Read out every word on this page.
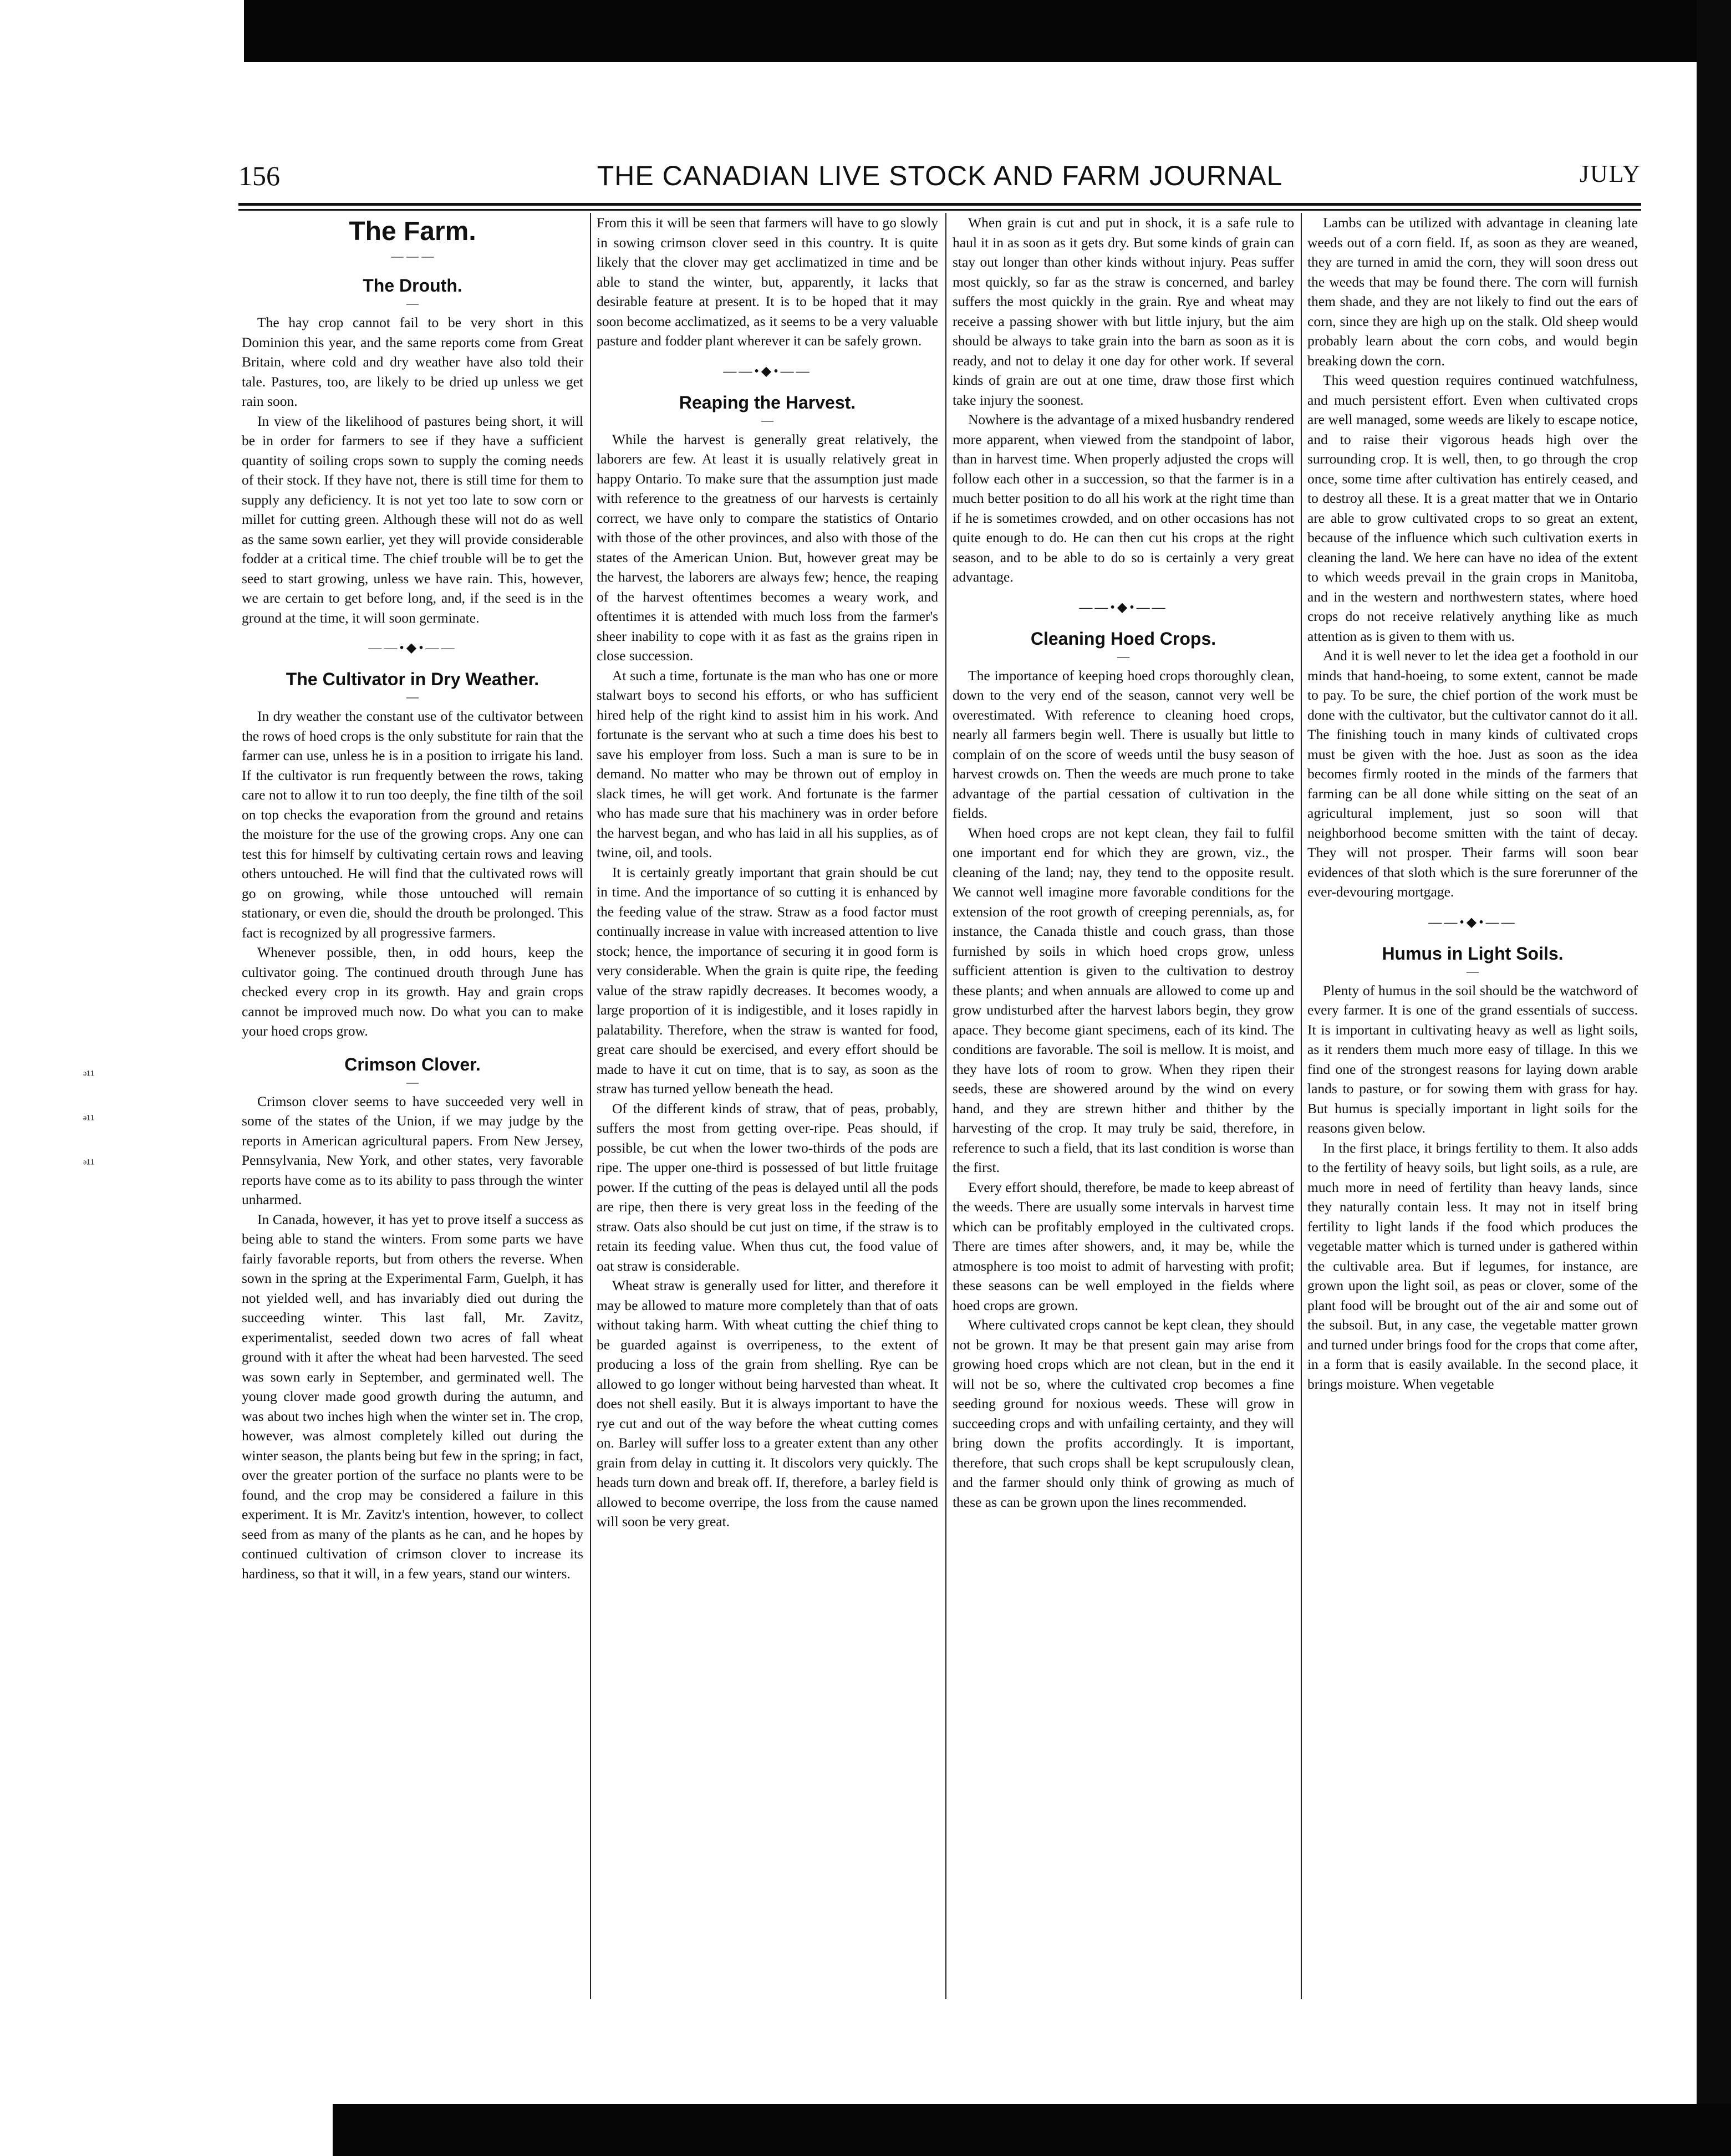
156	THE CANADIAN LIVE STOCK AND FARM JOURNAL	JULY
ᵊ¹¹
ᵊ¹¹
ᵊ¹¹
The Farm.
— — —
The Drouth.
—

The hay crop cannot fail to be very short in this Dominion this year, and the same reports come from Great Britain, where cold and dry weather have also told their tale. Pastures, too, are likely to be dried up unless we get rain soon.

In view of the likelihood of pastures being short, it will be in order for farmers to see if they have a sufficient quantity of soiling crops sown to supply the coming needs of their stock. If they have not, there is still time for them to supply any deficiency. It is not yet too late to sow corn or millet for cutting green. Although these will not do as well as the same sown earlier, yet they will provide considerable fodder at a critical time. The chief trouble will be to get the seed to start growing, unless we have rain. This, however, we are certain to get before long, and, if the seed is in the ground at the time, it will soon germinate.

——•◆•——
The Cultivator in Dry Weather.
—

In dry weather the constant use of the cultivator between the rows of hoed crops is the only substitute for rain that the farmer can use, unless he is in a position to irrigate his land. If the cultivator is run frequently between the rows, taking care not to allow it to run too deeply, the fine tilth of the soil on top checks the evaporation from the ground and retains the moisture for the use of the growing crops. Any one can test this for himself by cultivating certain rows and leaving others untouched. He will find that the cultivated rows will go on growing, while those untouched will remain stationary, or even die, should the drouth be prolonged. This fact is recognized by all progressive farmers.

Whenever possible, then, in odd hours, keep the cultivator going. The continued drouth through June has checked every crop in its growth. Hay and grain crops cannot be improved much now. Do what you can to make your hoed crops grow.

Crimson Clover.
—

Crimson clover seems to have succeeded very well in some of the states of the Union, if we may judge by the reports in American agricultural papers. From New Jersey, Pennsylvania, New York, and other states, very favorable reports have come as to its ability to pass through the winter unharmed.

In Canada, however, it has yet to prove itself a success as being able to stand the winters. From some parts we have fairly favorable reports, but from others the reverse. When sown in the spring at the Experimental Farm, Guelph, it has not yielded well, and has invariably died out during the succeeding winter. This last fall, Mr. Zavitz, experimentalist, seeded down two acres of fall wheat ground with it after the wheat had been harvested. The seed was sown early in September, and germinated well. The young clover made good growth during the autumn, and was about two inches high when the winter set in. The crop, however, was almost completely killed out during the winter season, the plants being but few in the spring; in fact, over the greater portion of the surface no plants were to be found, and the crop may be considered a failure in this experiment. It is Mr. Zavitz's intention, however, to collect seed from as many of the plants as he can, and he hopes by continued cultivation of crimson clover to increase its hardiness, so that it will, in a few years, stand our winters.

From this it will be seen that farmers will have to go slowly in sowing crimson clover seed in this country. It is quite likely that the clover may get acclimatized in time and be able to stand the winter, but, apparently, it lacks that desirable feature at present. It is to be hoped that it may soon become acclimatized, as it seems to be a very valuable pasture and fodder plant wherever it can be safely grown.

——•◆•——
Reaping the Harvest.
—

While the harvest is generally great relatively, the laborers are few. At least it is usually relatively great in happy Ontario. To make sure that the assumption just made with reference to the greatness of our harvests is certainly correct, we have only to compare the statistics of Ontario with those of the other provinces, and also with those of the states of the American Union. But, however great may be the harvest, the laborers are always few; hence, the reaping of the harvest oftentimes becomes a weary work, and oftentimes it is attended with much loss from the farmer's sheer inability to cope with it as fast as the grains ripen in close succession.

At such a time, fortunate is the man who has one or more stalwart boys to second his efforts, or who has sufficient hired help of the right kind to assist him in his work. And fortunate is the servant who at such a time does his best to save his employer from loss. Such a man is sure to be in demand. No matter who may be thrown out of employ in slack times, he will get work. And fortunate is the farmer who has made sure that his machinery was in order before the harvest began, and who has laid in all his supplies, as of twine, oil, and tools.

It is certainly greatly important that grain should be cut in time. And the importance of so cutting it is enhanced by the feeding value of the straw. Straw as a food factor must continually increase in value with increased attention to live stock; hence, the importance of securing it in good form is very considerable. When the grain is quite ripe, the feeding value of the straw rapidly decreases. It becomes woody, a large proportion of it is indigestible, and it loses rapidly in palatability. Therefore, when the straw is wanted for food, great care should be exercised, and every effort should be made to have it cut on time, that is to say, as soon as the straw has turned yellow beneath the head.

Of the different kinds of straw, that of peas, probably, suffers the most from getting over-ripe. Peas should, if possible, be cut when the lower two-thirds of the pods are ripe. The upper one-third is possessed of but little fruitage power. If the cutting of the peas is delayed until all the pods are ripe, then there is very great loss in the feeding of the straw. Oats also should be cut just on time, if the straw is to retain its feeding value. When thus cut, the food value of oat straw is considerable.

Wheat straw is generally used for litter, and therefore it may be allowed to mature more completely than that of oats without taking harm. With wheat cutting the chief thing to be guarded against is overripeness, to the extent of producing a loss of the grain from shelling. Rye can be allowed to go longer without being harvested than wheat. It does not shell easily. But it is always important to have the rye cut and out of the way before the wheat cutting comes on. Barley will suffer loss to a greater extent than any other grain from delay in cutting it. It discolors very quickly. The heads turn down and break off. If, therefore, a barley field is allowed to become overripe, the loss from the cause named will soon be very great.

When grain is cut and put in shock, it is a safe rule to haul it in as soon as it gets dry. But some kinds of grain can stay out longer than other kinds without injury. Peas suffer most quickly, so far as the straw is concerned, and barley suffers the most quickly in the grain. Rye and wheat may receive a passing shower with but little injury, but the aim should be always to take grain into the barn as soon as it is ready, and not to delay it one day for other work. If several kinds of grain are out at one time, draw those first which take injury the soonest.

Nowhere is the advantage of a mixed husbandry rendered more apparent, when viewed from the standpoint of labor, than in harvest time. When properly adjusted the crops will follow each other in a succession, so that the farmer is in a much better position to do all his work at the right time than if he is sometimes crowded, and on other occasions has not quite enough to do. He can then cut his crops at the right season, and to be able to do so is certainly a very great advantage.

——•◆•——
Cleaning Hoed Crops.
—

The importance of keeping hoed crops thoroughly clean, down to the very end of the season, cannot very well be overestimated. With reference to cleaning hoed crops, nearly all farmers begin well. There is usually but little to complain of on the score of weeds until the busy season of harvest crowds on. Then the weeds are much prone to take advantage of the partial cessation of cultivation in the fields.

When hoed crops are not kept clean, they fail to fulfil one important end for which they are grown, viz., the cleaning of the land; nay, they tend to the opposite result. We cannot well imagine more favorable conditions for the extension of the root growth of creeping perennials, as, for instance, the Canada thistle and couch grass, than those furnished by soils in which hoed crops grow, unless sufficient attention is given to the cultivation to destroy these plants; and when annuals are allowed to come up and grow undisturbed after the harvest labors begin, they grow apace. They become giant specimens, each of its kind. The conditions are favorable. The soil is mellow. It is moist, and they have lots of room to grow. When they ripen their seeds, these are showered around by the wind on every hand, and they are strewn hither and thither by the harvesting of the crop. It may truly be said, therefore, in reference to such a field, that its last condition is worse than the first.

Every effort should, therefore, be made to keep abreast of the weeds. There are usually some intervals in harvest time which can be profitably employed in the cultivated crops. There are times after showers, and, it may be, while the atmosphere is too moist to admit of harvesting with profit; these seasons can be well employed in the fields where hoed crops are grown.

Where cultivated crops cannot be kept clean, they should not be grown. It may be that present gain may arise from growing hoed crops which are not clean, but in the end it will not be so, where the cultivated crop becomes a fine seeding ground for noxious weeds. These will grow in succeeding crops and with unfailing certainty, and they will bring down the profits accordingly. It is important, therefore, that such crops shall be kept scrupulously clean, and the farmer should only think of growing as much of these as can be grown upon the lines recommended.

Lambs can be utilized with advantage in cleaning late weeds out of a corn field. If, as soon as they are weaned, they are turned in amid the corn, they will soon dress out the weeds that may be found there. The corn will furnish them shade, and they are not likely to find out the ears of corn, since they are high up on the stalk. Old sheep would probably learn about the corn cobs, and would begin breaking down the corn.

This weed question requires continued watchfulness, and much persistent effort. Even when cultivated crops are well managed, some weeds are likely to escape notice, and to raise their vigorous heads high over the surrounding crop. It is well, then, to go through the crop once, some time after cultivation has entirely ceased, and to destroy all these. It is a great matter that we in Ontario are able to grow cultivated crops to so great an extent, because of the influence which such cultivation exerts in cleaning the land. We here can have no idea of the extent to which weeds prevail in the grain crops in Manitoba, and in the western and northwestern states, where hoed crops do not receive relatively anything like as much attention as is given to them with us.

And it is well never to let the idea get a foothold in our minds that hand-hoeing, to some extent, cannot be made to pay. To be sure, the chief portion of the work must be done with the cultivator, but the cultivator cannot do it all. The finishing touch in many kinds of cultivated crops must be given with the hoe. Just as soon as the idea becomes firmly rooted in the minds of the farmers that farming can be all done while sitting on the seat of an agricultural implement, just so soon will that neighborhood become smitten with the taint of decay. They will not prosper. Their farms will soon bear evidences of that sloth which is the sure forerunner of the ever-devouring mortgage.

——•◆•——
Humus in Light Soils.
—

Plenty of humus in the soil should be the watchword of every farmer. It is one of the grand essentials of success. It is important in cultivating heavy as well as light soils, as it renders them much more easy of tillage. In this we find one of the strongest reasons for laying down arable lands to pasture, or for sowing them with grass for hay. But humus is specially important in light soils for the reasons given below.

In the first place, it brings fertility to them. It also adds to the fertility of heavy soils, but light soils, as a rule, are much more in need of fertility than heavy lands, since they naturally contain less. It may not in itself bring fertility to light lands if the food which produces the vegetable matter which is turned under is gathered within the cultivable area. But if legumes, for instance, are grown upon the light soil, as peas or clover, some of the plant food will be brought out of the air and some out of the subsoil. But, in any case, the vegetable matter grown and turned under brings food for the crops that come after, in a form that is easily available. In the second place, it brings moisture. When vegetable
